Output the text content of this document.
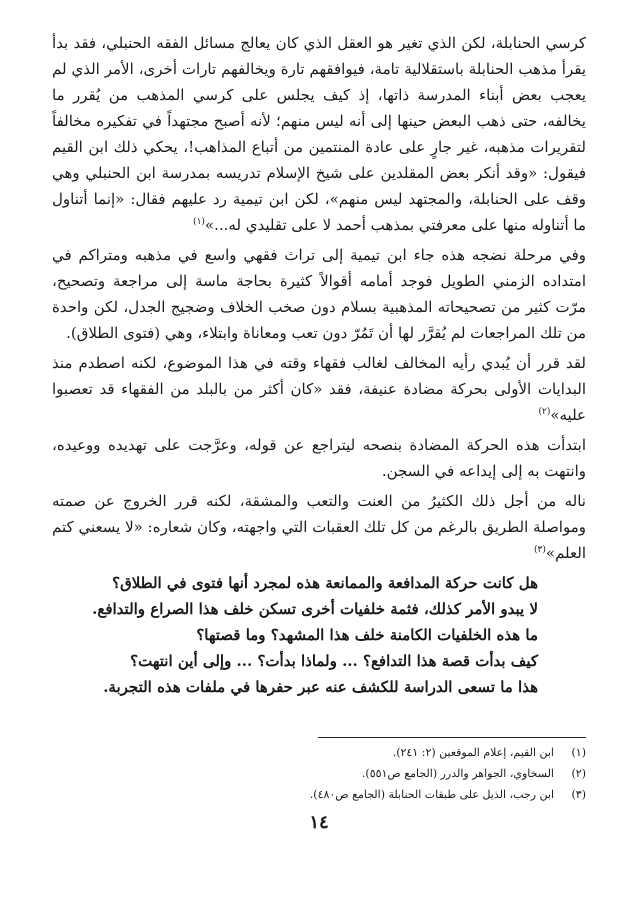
كرسي الحنابلة، لكن الذي تغير هو العقل الذي كان يعالج مسائل الفقه الحنبلي، فقد بدأ يقرأ مذهب الحنابلة باستقلالية تامة، فيوافقهم تارة ويخالفهم تارات أخرى، الأمر الذي لم يعجب بعض أبناء المدرسة ذاتها، إذ كيف يجلس على كرسي المذهب من يُقرر ما يخالفه، حتى ذهب البعض حينها إلى أنه ليس منهم؛ لأنه أصبح مجتهداً في تفكيره مخالفاً لتقريرات مذهبه، غير جارٍ على عادة المنتمين من أتباع المذاهب!، يحكي ذلك ابن القيم فيقول: «وقد أنكر بعض المقلدين على شيخ الإسلام تدريسه بمدرسة ابن الحنبلي وهي وقف على الحنابلة، والمجتهد ليس منهم»، لكن ابن تيمية رد عليهم فقال: «إنما أتناول ما أتناوله منها على معرفتي بمذهب أحمد لا على تقليدي له...»$^{(١)}$

وفي مرحلة نضجه هذه جاء ابن تيمية إلى تراث فقهي واسع في مذهبه ومتراكم في امتداده الزمني الطويل فوجد أمامه أقوالاً كثيرة بحاجة ماسة إلى مراجعة وتصحيح، مرّت كثير من تصحيحاته المذهبية بسلام دون صخب الخلاف وضجيج الجدل، لكن واحدة من تلك المراجعات لم يُقرَّر لها أن تَمُرّ دون تعب ومعاناة وابتلاء، وهي (فتوى الطلاق).

لقد قرر أن يُبدي رأيه المخالف لغالب فقهاء وقته في هذا الموضوع، لكنه اصطدم منذ البدايات الأولى بحركة مضادة عنيفة، فقد «كان أكثر من بالبلد من الفقهاء قد تعصبوا عليه»$^{(٢)}$

ابتدأت هذه الحركة المضادة بنصحه ليتراجع عن قوله، وعرَّجت على تهديده ووعيده، وانتهت به إلى إيداعه في السجن.

ناله من أجل ذلك الكثيرُ من العنت والتعب والمشقة، لكنه قرر الخروج عن صمته ومواصلة الطريق بالرغم من كل تلك العقبات التي واجهته، وكان شعاره: «لا يسعني كتم العلم»$^{(٣)}$

هل كانت حركة المدافعة والممانعة هذه لمجرد أنها فتوى في الطلاق؟

لا يبدو الأمر كذلك، فثمة خلفيات أخرى تسكن خلف هذا الصراع والتدافع.

ما هذه الخلفيات الكامنة خلف هذا المشهد؟ وما قصتها؟

كيف بدأت قصة هذا التدافع؟ ... ولماذا بدأت؟ ... وإلى أين انتهت؟

هذا ما تسعى الدراسة للكشف عنه عبر حفرها في ملفات هذه التجربة.

(١)
ابن القيم، إعلام الموقعين (٢: ٢٤١).

(٢)
السخاوي، الجواهر والدرر (الجامع ص٥٥١).

(٣)
ابن رجب، الذيل على طبقات الحنابلة (الجامع ص٤٨٠).

١٤
